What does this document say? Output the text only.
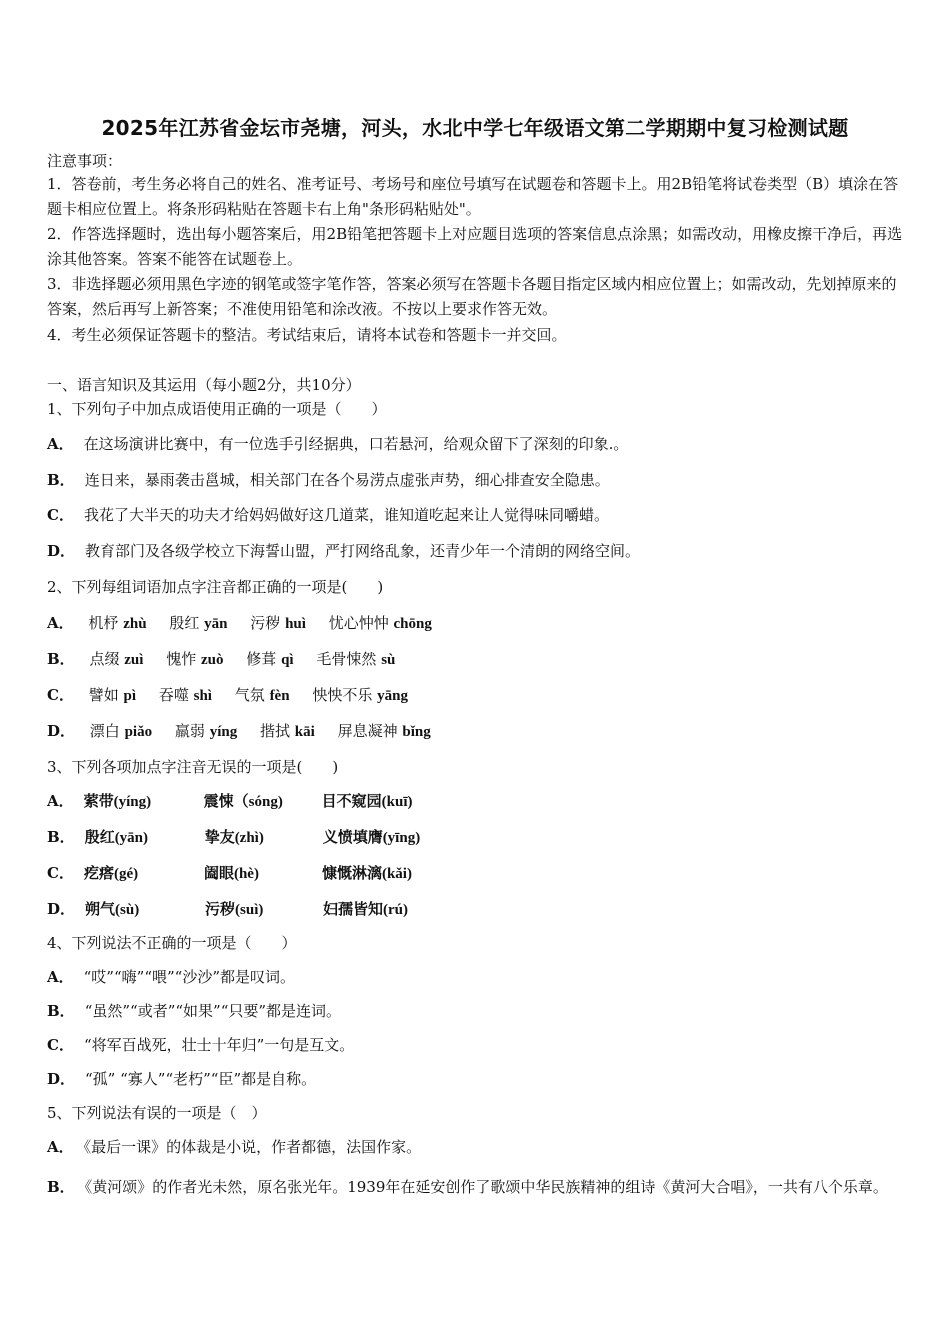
2025年江苏省金坛市尧塘，河头，水北中学七年级语文第二学期期中复习检测试题
注意事项：
1．答卷前，考生务必将自己的姓名、准考证号、考场号和座位号填写在试题卷和答题卡上。用2B铅笔将试卷类型（B）填涂在答题卡相应位置上。将条形码粘贴在答题卡右上角"条形码粘贴处"。
2．作答选择题时，选出每小题答案后，用2B铅笔把答题卡上对应题目选项的答案信息点涂黑；如需改动，用橡皮擦干净后，再选涂其他答案。答案不能答在试题卷上。
3．非选择题必须用黑色字迹的钢笔或签字笔作答，答案必须写在答题卡各题目指定区域内相应位置上；如需改动，先划掉原来的答案，然后再写上新答案；不准使用铅笔和涂改液。不按以上要求作答无效。
4．考生必须保证答题卡的整洁。考试结束后，请将本试卷和答题卡一并交回。
一、语言知识及其运用（每小题2分，共10分）
1、下列句子中加点成语使用正确的一项是（　　）
A． 在这场演讲比赛中，有一位选手引经据典，口若悬河，给观众留下了深刻的印象.。
B． 连日来，暴雨袭击邕城，相关部门在各个易涝点虚张声势，细心排查安全隐患。
C． 我花了大半天的功夫才给妈妈做好这几道菜，谁知道吃起来让人觉得味同嚼蜡。
D． 教育部门及各级学校立下海誓山盟，严打网络乱象，还青少年一个清朗的网络空间。
2、下列每组词语加点字注音都正确的一项是(　　)
A． 机杼 zhù 殷红 yān 污秽 huì 忧心忡忡 chōng
B． 点缀 zuì 愧怍 zuò 修葺 qì 毛骨悚然 sù
C． 譬如 pì 吞噬 shì 气氛 fèn 怏怏不乐 yāng
D． 漂白 piǎo 羸弱 yíng 揩拭 kāi 屏息凝神 bǐng
3、下列各项加点字注音无误的一项是(　　)
A． 萦带(yíng)	震悚（sóng)	目不窥园(kuī)
B． 殷红(yān)	挚友(zhì)	义愤填膺(yīng)
C． 疙瘩(gé)	阖眼(hè)	慷慨淋漓(kǎi)
D． 朔气(sù)	污秽(suì)	妇孺皆知(rú)
4、下列说法不正确的一项是（　　）
A． “哎”“嗨”“喂”“沙沙”都是叹词。
B． “虽然”“或者”“如果”“只要”都是连词。
C． “将军百战死，壮士十年归”一句是互文。
D． “孤” “寡人”“老朽”“臣”都是自称。
5、下列说法有误的一项是（　）
A． 《最后一课》的体裁是小说，作者都德，法国作家。
B． 《黄河颂》的作者光未然，原名张光年。1939年在延安创作了歌颂中华民族精神的组诗《黄河大合唱》，一共有八个乐章。
